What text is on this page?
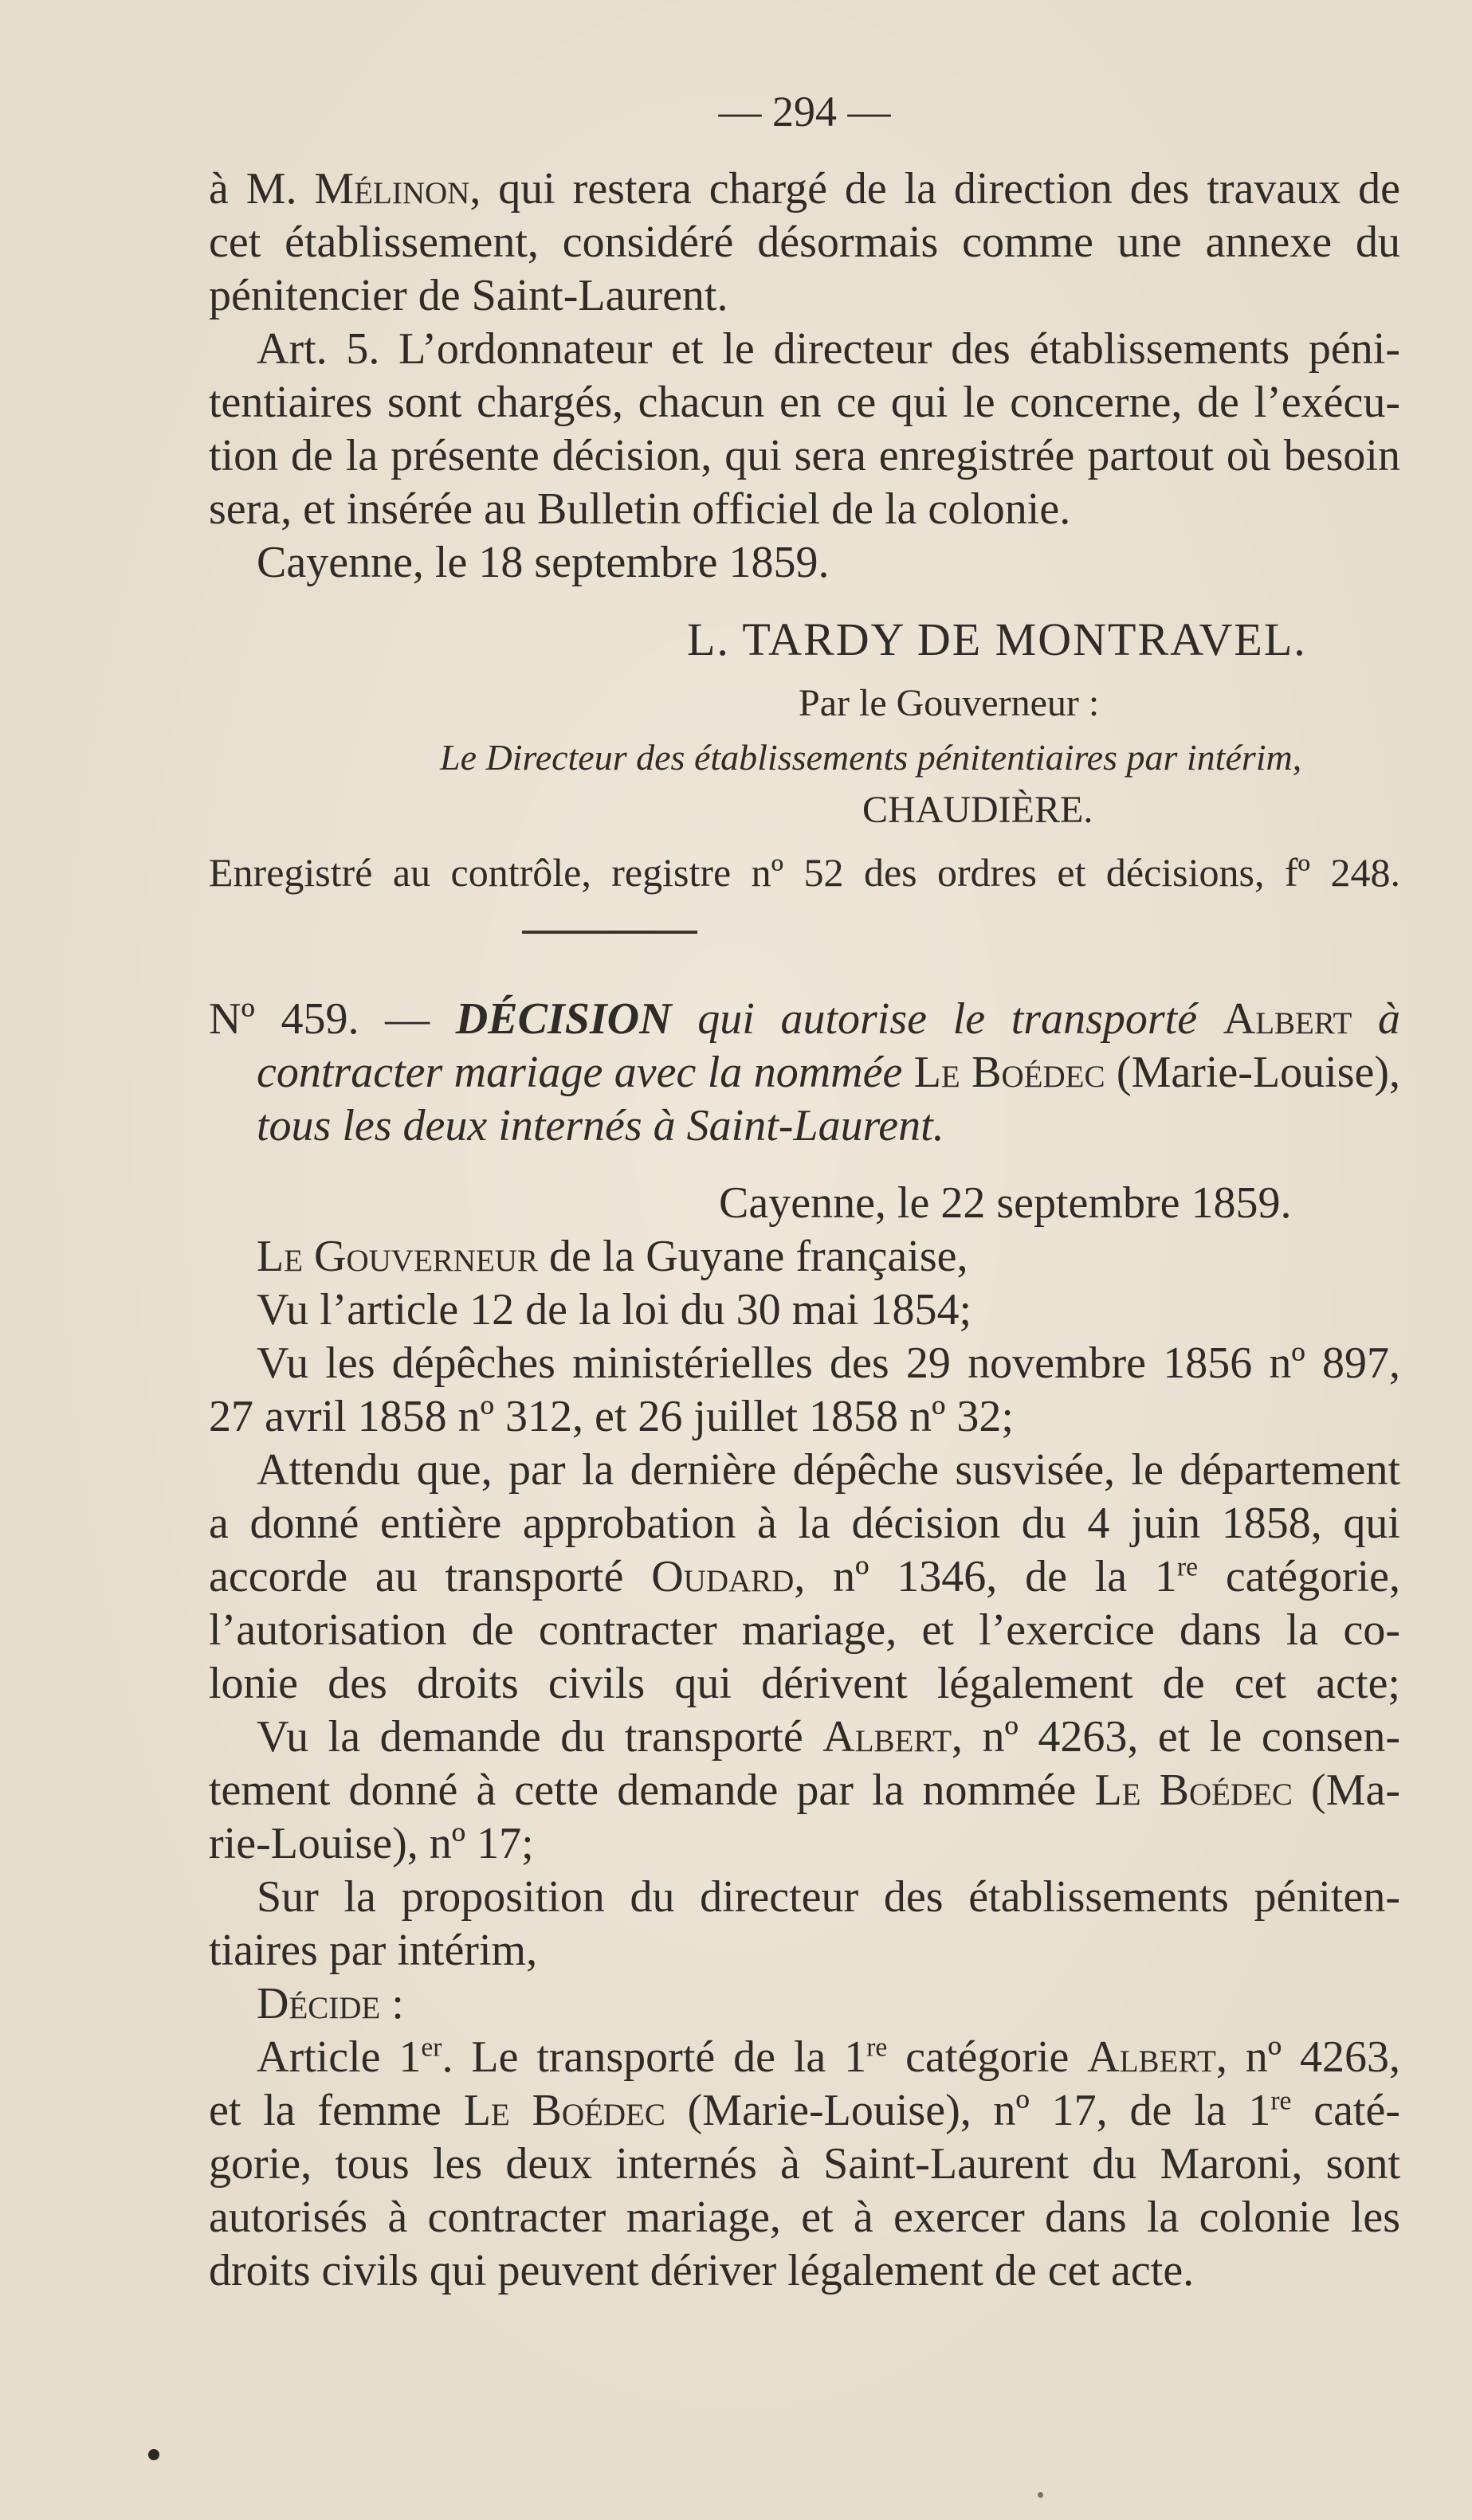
— 294 —
à M. Mélinon, qui restera chargé de la direction des travaux de
cet établissement, considéré désormais comme une annexe du
pénitencier de Saint-Laurent.
Art. 5. L’ordonnateur et le directeur des établissements péni-
tentiaires sont chargés, chacun en ce qui le concerne, de l’exécu-
tion de la présente décision, qui sera enregistrée partout où besoin
sera, et insérée au Bulletin officiel de la colonie.
Cayenne, le 18 septembre 1859.
L. TARDY DE MONTRAVEL.
Par le Gouverneur :
Le Directeur des établissements pénitentiaires par intérim,
CHAUDIÈRE.
Enregistré au contrôle, registre nº 52 des ordres et décisions, fº 248.
Nº 459. — DÉCISION qui autorise le transporté Albert à
contracter mariage avec la nommée Le Boédec (Marie-Louise),
tous les deux internés à Saint-Laurent.
Cayenne, le 22 septembre 1859.
Le Gouverneur de la Guyane française,
Vu l’article 12 de la loi du 30 mai 1854;
Vu les dépêches ministérielles des 29 novembre 1856 nº 897,
27 avril 1858 nº 312, et 26 juillet 1858 nº 32;
Attendu que, par la dernière dépêche susvisée, le département
a donné entière approbation à la décision du 4 juin 1858, qui
accorde au transporté Oudard, nº 1346, de la 1re catégorie,
l’autorisation de contracter mariage, et l’exercice dans la co-
lonie des droits civils qui dérivent légalement de cet acte;
Vu la demande du transporté Albert, nº 4263, et le consen-
tement donné à cette demande par la nommée Le Boédec (Ma-
rie-Louise), nº 17;
Sur la proposition du directeur des établissements péniten-
tiaires par intérim,
Décide :
Article 1er. Le transporté de la 1re catégorie Albert, nº 4263,
et la femme Le Boédec (Marie-Louise), nº 17, de la 1re caté-
gorie, tous les deux internés à Saint-Laurent du Maroni, sont
autorisés à contracter mariage, et à exercer dans la colonie les
droits civils qui peuvent dériver légalement de cet acte.
